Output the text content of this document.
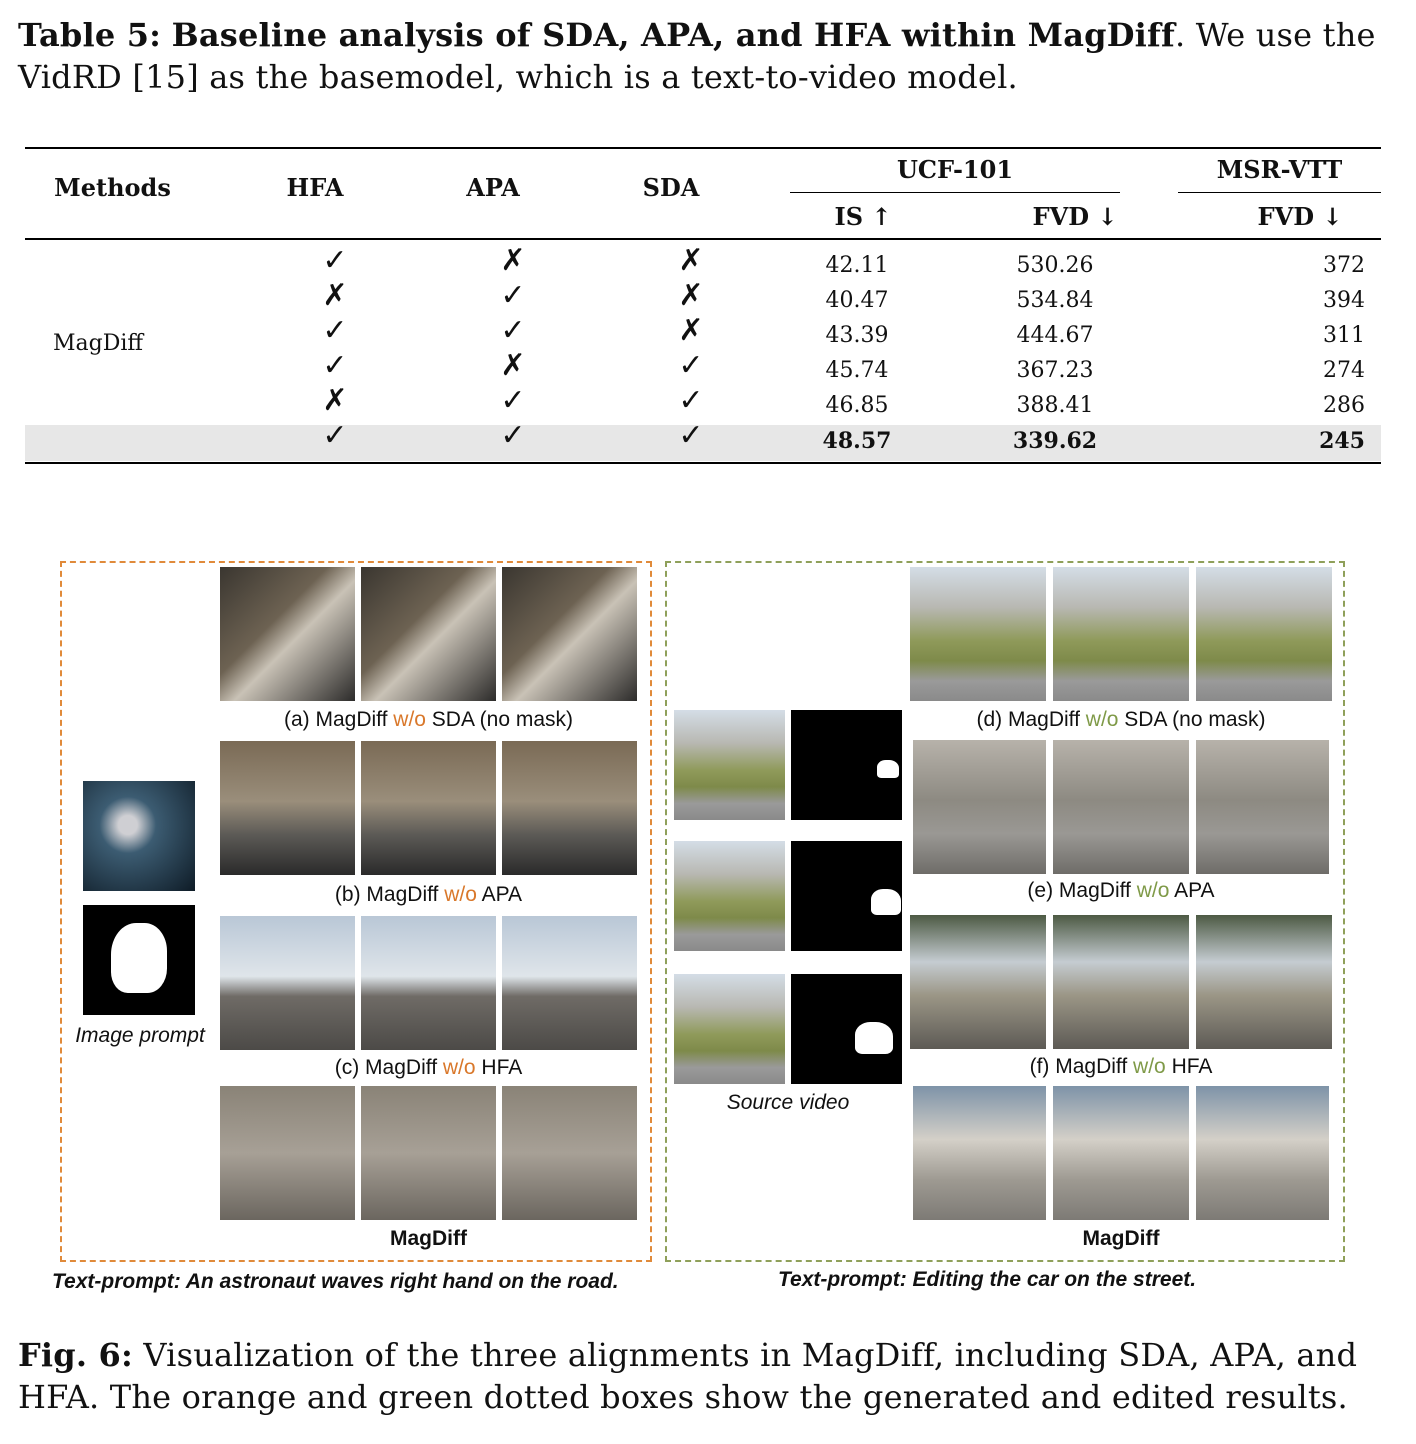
Table 5: Baseline analysis of SDA, APA, and HFA within MagDiff. We use the VidRD [15] as the basemodel, which is a text-to-video model.
Methods	HFA	APA	SDA
UCF-101	MSR-VTT
IS ↑	FVD ↓	FVD ↓
MagDiff
✓	✗	✗	42.11	530.26	372
✗	✓	✗	40.47	534.84	394
✓	✓	✗	43.39	444.67	311
✓	✗	✓	45.74	367.23	274
✗	✓	✓	46.85	388.41	286
✓	✓	✓	48.57	339.62	245
Image prompt
(a) MagDiff w/o SDA (no mask)
(b) MagDiff w/o APA
(c) MagDiff w/o HFA
MagDiff
Text-prompt: An astronaut waves right hand on the road.
Source video
(d) MagDiff w/o SDA (no mask)
(e) MagDiff w/o APA
(f) MagDiff w/o HFA
MagDiff
Text-prompt: Editing the car on the street.
Fig. 6: Visualization of the three alignments in MagDiff, including SDA, APA, and HFA. The orange and green dotted boxes show the generated and edited results.
